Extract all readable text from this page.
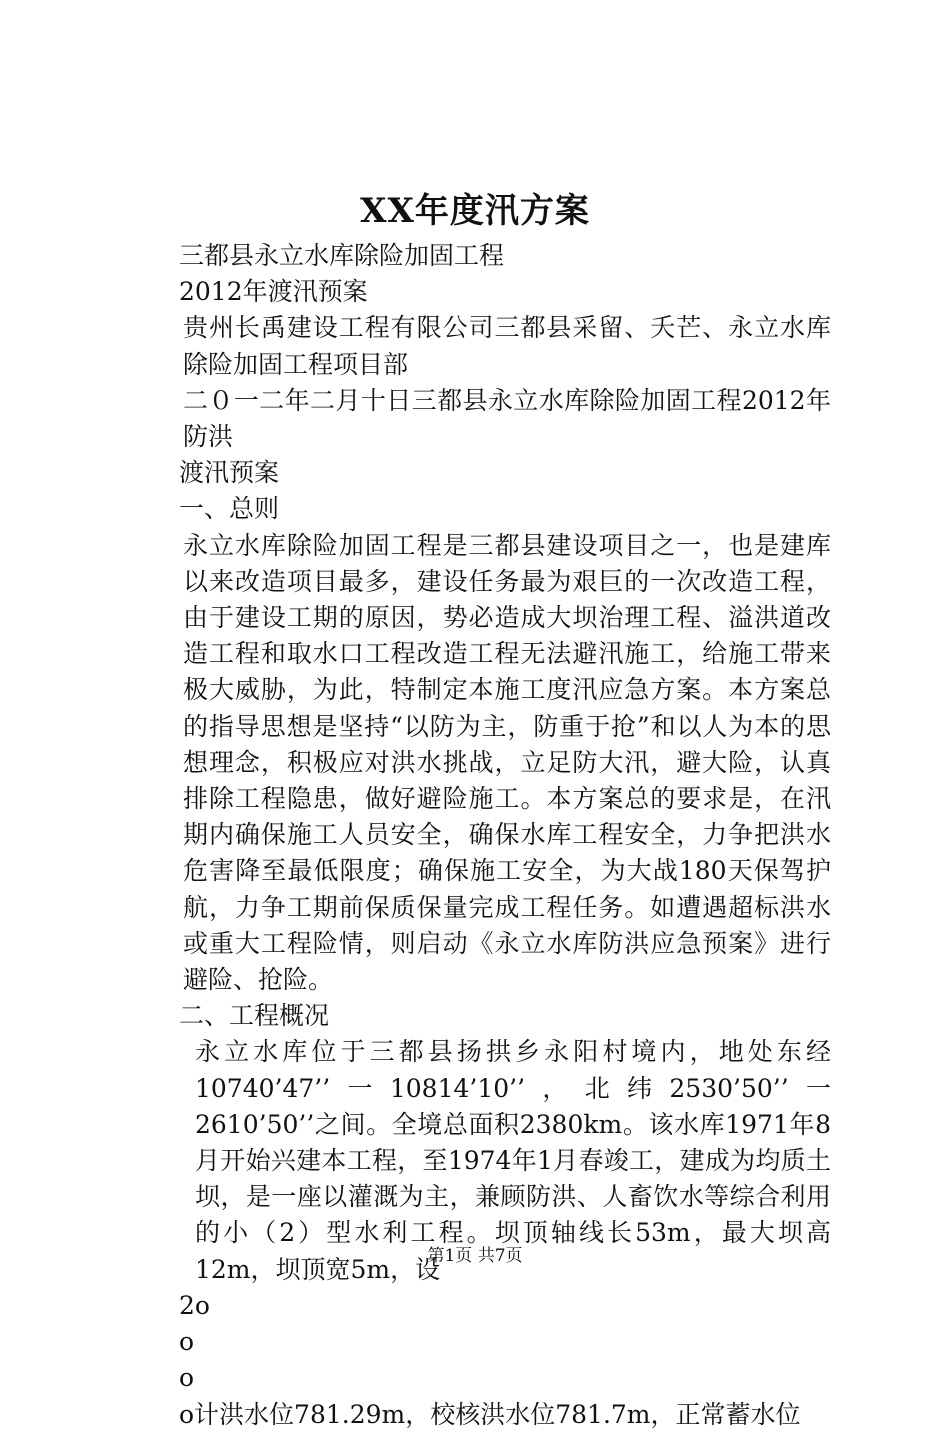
XX年度汛方案

三都县永立水库除险加固工程

2012年渡汛预案

贵州长禹建设工程有限公司三都县采留、夭芒、永立水库除险加固工程项目部

二０一二年二月十日三都县永立水库除险加固工程2012年防洪

渡汛预案

一、总则

永立水库除险加固工程是三都县建设项目之一，也是建库以来改造项目最多，建设任务最为艰巨的一次改造工程，由于建设工期的原因，势必造成大坝治理工程、溢洪道改造工程和取水口工程改造工程无法避汛施工，给施工带来极大威胁，为此，特制定本施工度汛应急方案。本方案总的指导思想是坚持“以防为主，防重于抢”和以人为本的思想理念，积极应对洪水挑战，立足防大汛，避大险，认真排除工程隐患，做好避险施工。本方案总的要求是，在汛期内确保施工人员安全，确保水库工程安全，力争把洪水危害降至最低限度；确保施工安全，为大战180天保驾护航，力争工期前保质保量完成工程任务。如遭遇超标洪水或重大工程险情，则启动《永立水库防洪应急预案》进行避险、抢险。

二、工程概况

永立水库位于三都县扬拱乡永阳村境内，地处东经10740’47’’一10814’10’’，北纬2530’50’’一2610’50’’之间。全境总面积2380km。该水库1971年8月开始兴建本工程，至1974年1月春竣工，建成为均质土坝，是一座以灌溉为主，兼顾防洪、人畜饮水等综合利用的小（2）型水利工程。坝顶轴线长53m，最大坝高12m，坝顶宽5m，设

2o

o

o

o计洪水位781.29m，校核洪水位781.7m，正常蓄水位

第1页 共7页
